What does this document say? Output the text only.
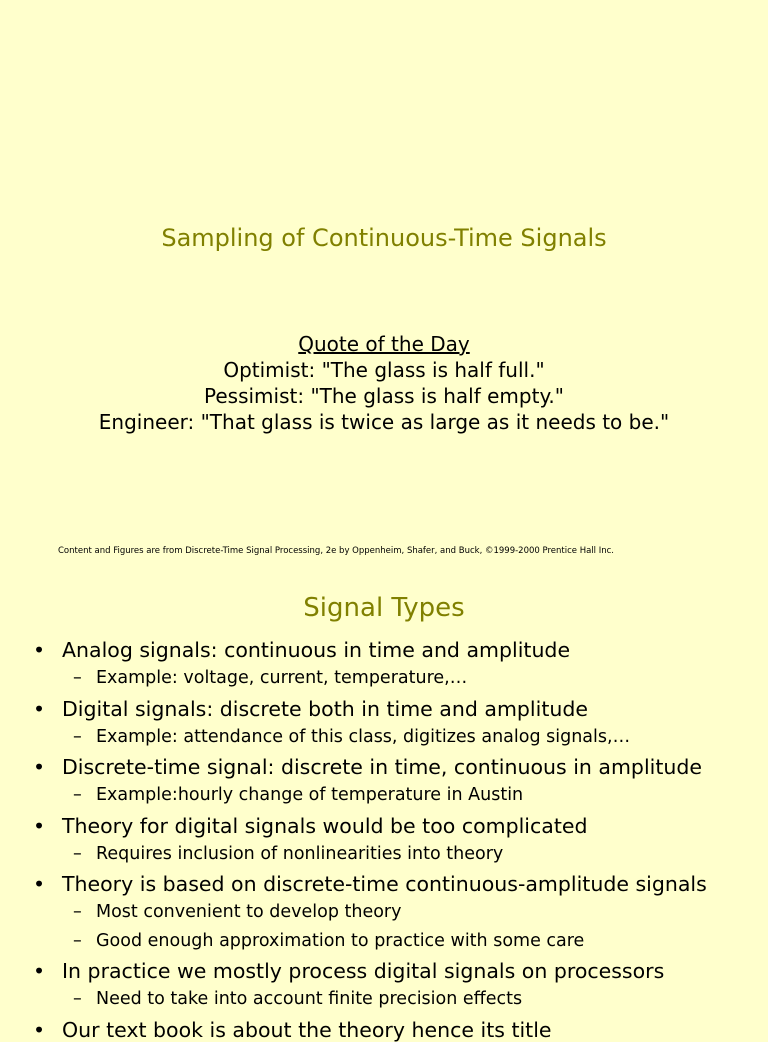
Sampling of Continuous-Time Signals
Quote of the Day
Optimist: "The glass is half full."
Pessimist: "The glass is half empty."
Engineer: "That glass is twice as large as it needs to be."
Content and Figures are from Discrete-Time Signal Processing, 2e by Oppenheim, Shafer, and Buck, ©1999-2000 Prentice Hall Inc.
Signal Types
• Analog signals: continuous in time and amplitude
– Example: voltage, current, temperature,…
• Digital signals: discrete both in time and amplitude
– Example: attendance of this class, digitizes analog signals,…
• Discrete-time signal: discrete in time, continuous in amplitude
– Example:hourly change of temperature in Austin
• Theory for digital signals would be too complicated
– Requires inclusion of nonlinearities into theory
• Theory is based on discrete-time continuous-amplitude signals
– Most convenient to develop theory
– Good enough approximation to practice with some care
• In practice we mostly process digital signals on processors
– Need to take into account finite precision effects
• Our text book is about the theory hence its title
